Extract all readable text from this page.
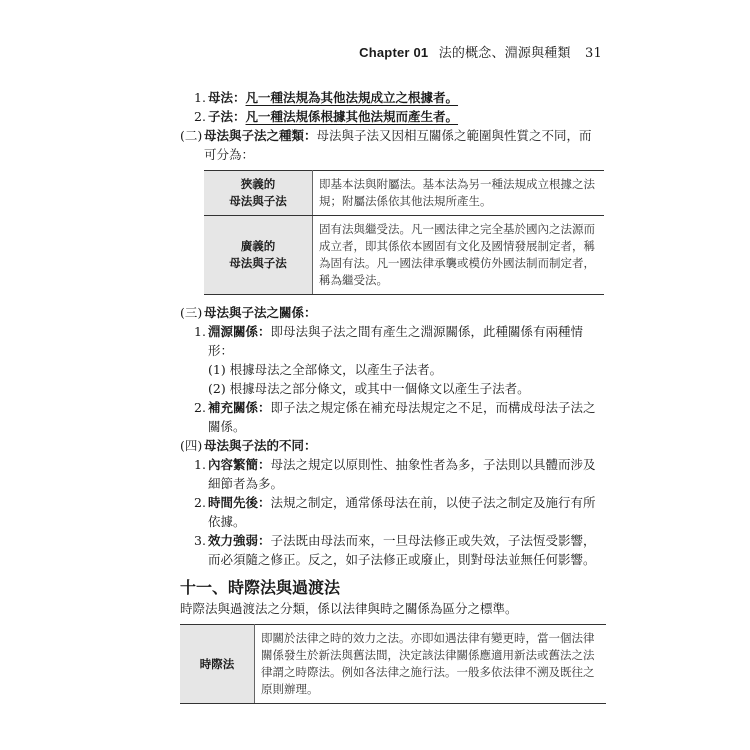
Chapter 01 法的概念、淵源與種類 31
1. 母法：凡一種法規為其他法規成立之根據者。
2. 子法：凡一種法規係根據其他法規而產生者。
(二) 母法與子法之種類：母法與子法又因相互關係之範圍與性質之不同，而可分為：
狹義的
母法與子法	即基本法與附屬法。基本法為另一種法規成立根據之法規；附屬法係依其他法規所產生。
廣義的
母法與子法	固有法與繼受法。凡一國法律之完全基於國內之法源而成立者，即其係依本國固有文化及國情發展制定者，稱為固有法。凡一國法律承襲或模仿外國法制而制定者，稱為繼受法。
(三) 母法與子法之關係：
1. 淵源關係：即母法與子法之間有產生之淵源關係，此種關係有兩種情形：
(1) 根據母法之全部條文，以產生子法者。
(2) 根據母法之部分條文，或其中一個條文以產生子法者。
2. 補充關係：即子法之規定係在補充母法規定之不足，而構成母法子法之關係。
(四) 母法與子法的不同：
1. 內容繁簡：母法之規定以原則性、抽象性者為多，子法則以具體而涉及細節者為多。
2. 時間先後：法規之制定，通常係母法在前，以使子法之制定及施行有所依據。
3. 效力強弱：子法既由母法而來，一旦母法修正或失效，子法恆受影響，而必須隨之修正。反之，如子法修正或廢止，則對母法並無任何影響。
十一、時際法與過渡法
時際法與過渡法之分類，係以法律與時之關係為區分之標準。
時際法	即關於法律之時的效力之法。亦即如遇法律有變更時，當一個法律關係發生於新法與舊法間，決定該法律關係應適用新法或舊法之法律謂之時際法。例如各法律之施行法。一般多依法律不溯及既往之原則辦理。
